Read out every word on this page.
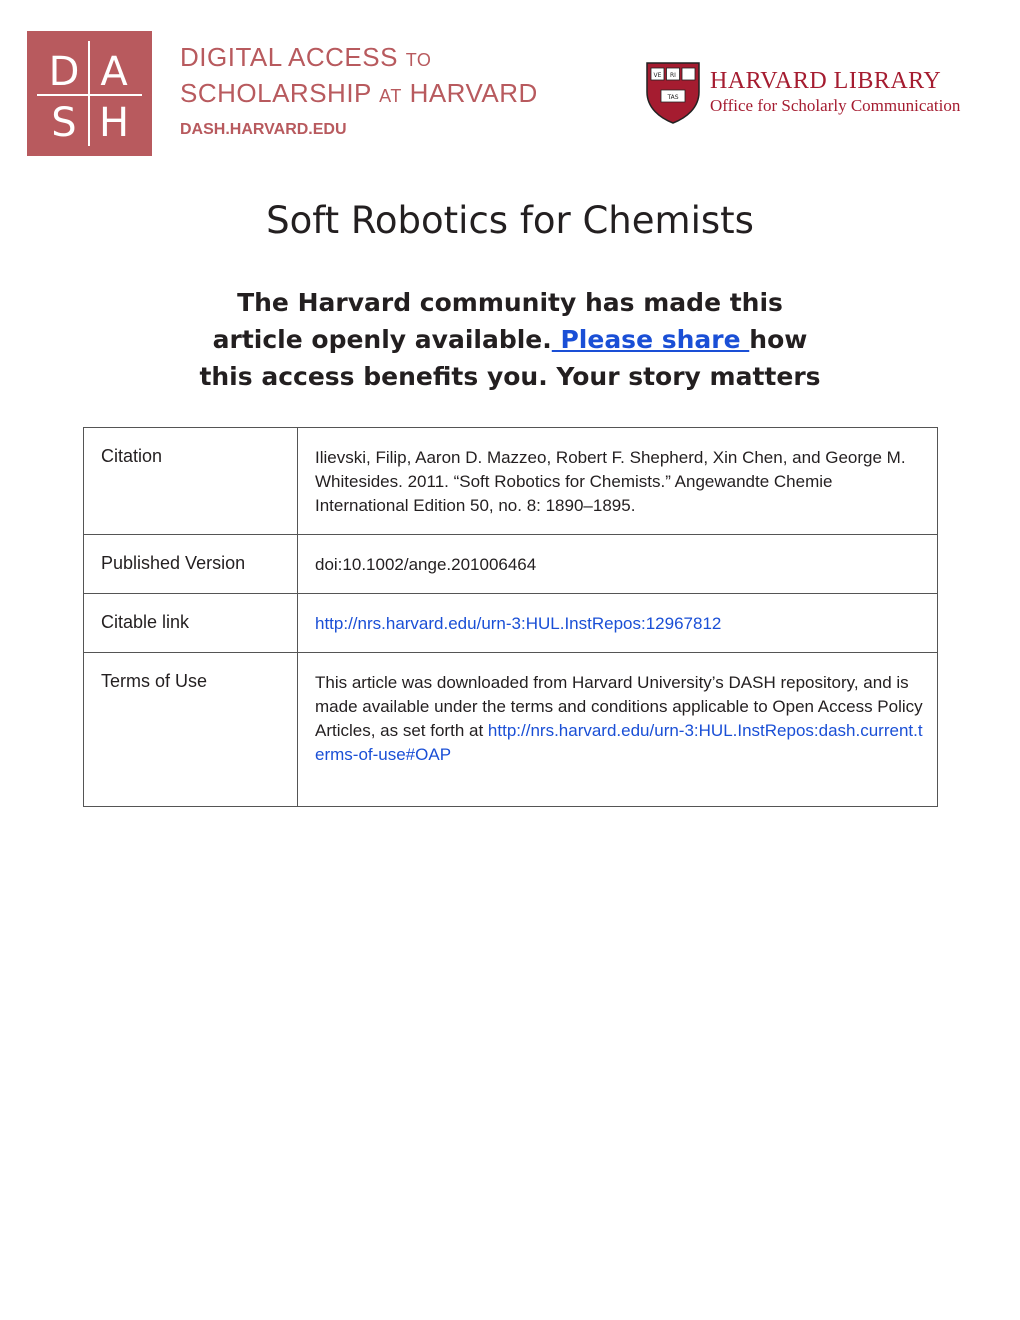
D A
S H
DIGITAL ACCESS TO
SCHOLARSHIP AT HARVARD
DASH.HARVARD.EDU
VE RI
TAS
HARVARD LIBRARY
Office for Scholarly Communication
Soft Robotics for Chemists
The Harvard community has made this
article openly available. Please share how
this access benefits you. Your story matters
Citation	Ilievski, Filip, Aaron D. Mazzeo, Robert F. Shepherd, Xin Chen, and George M. Whitesides. 2011. “Soft Robotics for Chemists.” Angewandte Chemie International Edition 50, no. 8: 1890–1895.
Published Version	doi:10.1002/ange.201006464
Citable link	http://nrs.harvard.edu/urn-3:HUL.InstRepos:12967812
Terms of Use	This article was downloaded from Harvard University’s DASH repository, and is made available under the terms and conditions applicable to Open Access Policy Articles, as set forth at http://nrs.harvard.edu/urn-3:HUL.InstRepos:dash.current.terms-of-use#OAP
